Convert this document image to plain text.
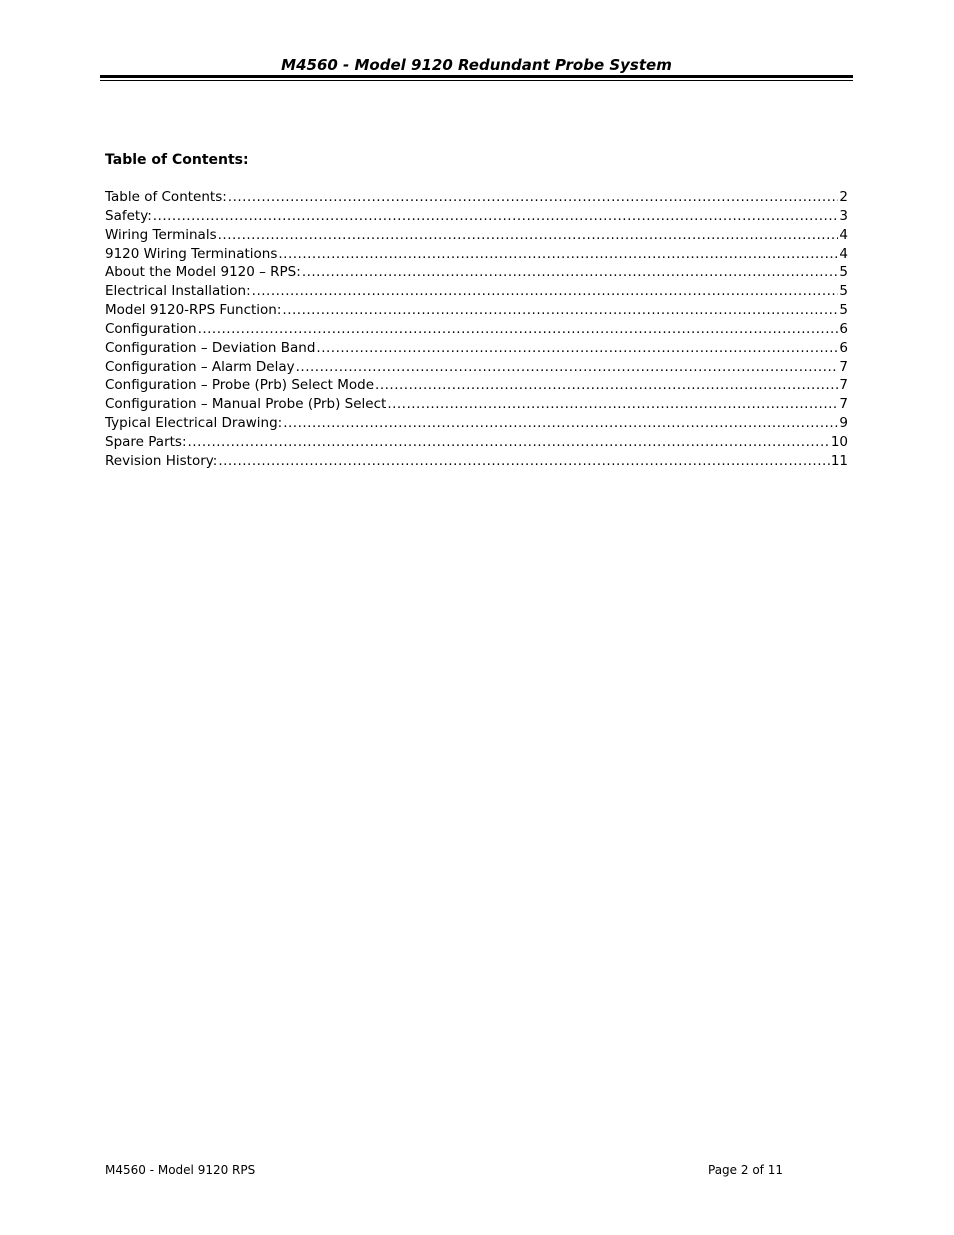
M4560 - Model 9120 Redundant Probe System
Table of Contents:
Table of Contents: .....	2
Safety: .....	3
Wiring Terminals .....	4
9120 Wiring Terminations .....	4
About the Model 9120 – RPS: .....	5
Electrical Installation: .....	5
Model 9120-RPS Function: .....	5
Configuration .....	6
Configuration – Deviation Band .....	6
Configuration – Alarm Delay .....	7
Configuration – Probe (Prb) Select Mode .....	7
Configuration – Manual Probe (Prb) Select .....	7
Typical Electrical Drawing: .....	9
Spare Parts: .....	10
Revision History: .....	11
M4560 - Model 9120 RPS	Page 2 of 11
